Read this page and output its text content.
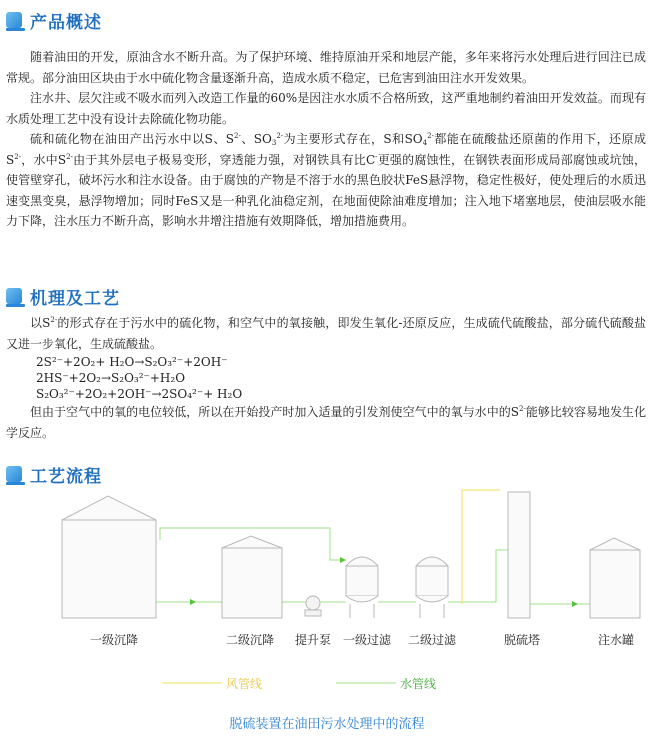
产品概述

随着油田的开发，原油含水不断升高。为了保护环境、维持原油开采和地层产能，多年来将污水处理后进行回注已成常规。部分油田区块由于水中硫化物含量逐渐升高，造成水质不稳定，已危害到油田注水开发效果。

注水井、层欠注或不吸水而列入改造工作量的60%是因注水水质不合格所致，这严重地制约着油田开发效益。而现有水质处理工艺中没有设计去除硫化物功能。

硫和硫化物在油田产出污水中以S、$S^{2-}$、$SO_3^{2-}$为主要形式存在，S和$SO_4^{2-}$都能在硫酸盐还原菌的作用下，还原成$S^{2-}$，水中$S^{2-}$由于其外层电子极易变形，穿透能力强，对钢铁具有比C-更强的腐蚀性，在钢铁表面形成局部腐蚀或坑蚀，使管壁穿孔，破坏污水和注水设备。由于腐蚀的产物是不溶于水的黑色胶状FeS悬浮物，稳定性极好，使处理后的水质迅速变黑变臭，悬浮物增加；同时FeS又是一种乳化油稳定剂，在地面使除油难度增加；注入地下堵塞地层，使油层吸水能力下降，注水压力不断升高，影响水井增注措施有效期降低，增加措施费用。

机理及工艺

以$S^{2-}$的形式存在于污水中的硫化物，和空气中的氧接触，即发生氧化-还原反应，生成硫代硫酸盐，部分硫代硫酸盐又进一步氧化，生成硫酸盐。

2S²⁻+2O₂+ H₂O→S₂O₃²⁻+2OH⁻

2HS⁻+2O₂→S₂O₃²⁻+H₂O

S₂O₃²⁻+2O₂+2OH⁻→2SO₄²⁻+ H₂O

但由于空气中的氧的电位较低，所以在开始投产时加入适量的引发剂使空气中的氧与水中的$S^{2-}$能够比较容易地发生化学反应。

工艺流程
一级沉降	二级沉降 提升泵 一级过滤 二级过滤	脱硫塔	注水罐
风管线	水管线
脱硫装置在油田污水处理中的流程
